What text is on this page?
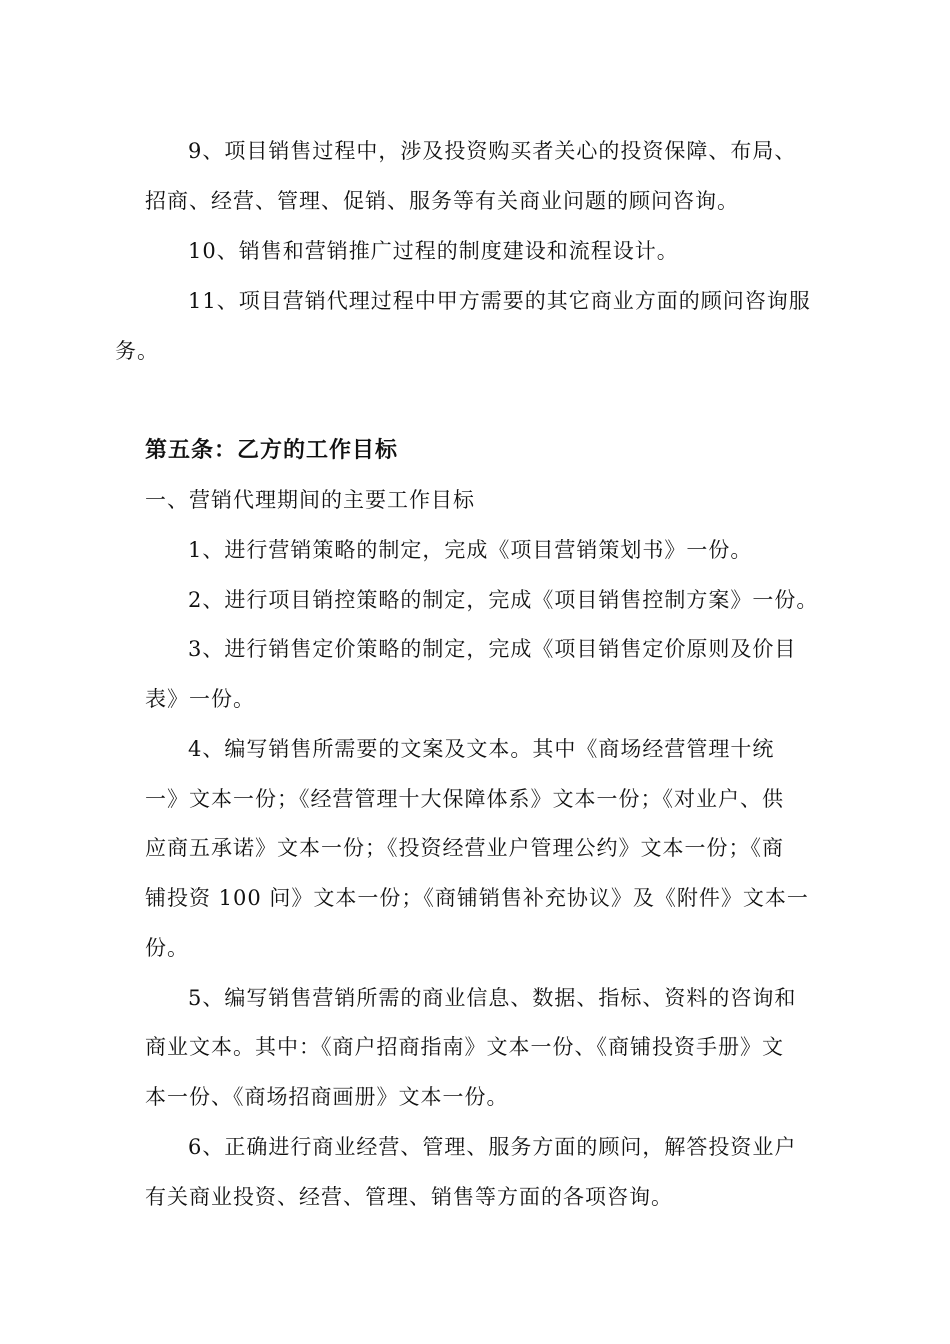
9、项目销售过程中，涉及投资购买者关心的投资保障、布局、
招商、经营、管理、促销、服务等有关商业问题的顾问咨询。
10、销售和营销推广过程的制度建设和流程设计。
11、项目营销代理过程中甲方需要的其它商业方面的顾问咨询服
务。
第五条：乙方的工作目标
一、营销代理期间的主要工作目标
1、进行营销策略的制定，完成《项目营销策划书》一份。
2、进行项目销控策略的制定，完成《项目销售控制方案》一份。
3、进行销售定价策略的制定，完成《项目销售定价原则及价目
表》一份。
4、编写销售所需要的文案及文本。其中《商场经营管理十统
一》文本一份；《经营管理十大保障体系》文本一份；《对业户、供
应商五承诺》文本一份；《投资经营业户管理公约》文本一份；《商
铺投资 100 问》文本一份；《商铺销售补充协议》及《附件》文本一
份。
5、编写销售营销所需的商业信息、数据、指标、资料的咨询和
商业文本。其中：《商户招商指南》文本一份、《商铺投资手册》文
本一份、《商场招商画册》文本一份。
6、正确进行商业经营、管理、服务方面的顾问，解答投资业户
有关商业投资、经营、管理、销售等方面的各项咨询。
